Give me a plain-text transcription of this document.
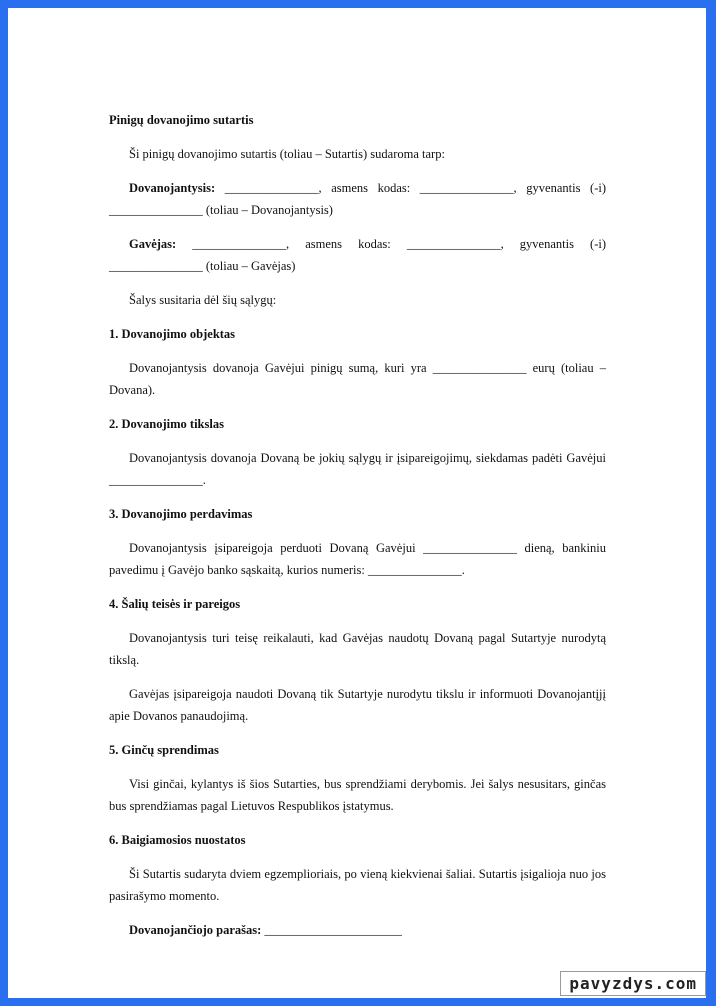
Pinigų dovanojimo sutartis
Ši pinigų dovanojimo sutartis (toliau – Sutartis) sudaroma tarp:
Dovanojantysis: _______________, asmens kodas: _______________, gyvenantis (-i) _______________ (toliau – Dovanojantysis)
Gavėjas: _______________, asmens kodas: _______________, gyvenantis (-i) _______________ (toliau – Gavėjas)
Šalys susitaria dėl šių sąlygų:
1. Dovanojimo objektas
Dovanojantysis dovanoja Gavėjui pinigų sumą, kuri yra _______________ eurų (toliau – Dovana).
2. Dovanojimo tikslas
Dovanojantysis dovanoja Dovaną be jokių sąlygų ir įsipareigojimų, siekdamas padėti Gavėjui _______________.
3. Dovanojimo perdavimas
Dovanojantysis įsipareigoja perduoti Dovaną Gavėjui _______________ dieną, bankiniu pavedimu į Gavėjo banko sąskaitą, kurios numeris: _______________.
4. Šalių teisės ir pareigos
Dovanojantysis turi teisę reikalauti, kad Gavėjas naudotų Dovaną pagal Sutartyje nurodytą tikslą.
Gavėjas įsipareigoja naudoti Dovaną tik Sutartyje nurodytu tikslu ir informuoti Dovanojantįjį apie Dovanos panaudojimą.
5. Ginčų sprendimas
Visi ginčai, kylantys iš šios Sutarties, bus sprendžiami derybomis. Jei šalys nesusitars, ginčas bus sprendžiamas pagal Lietuvos Respublikos įstatymus.
6. Baigiamosios nuostatos
Ši Sutartis sudaryta dviem egzemplioriais, po vieną kiekvienai šaliai. Sutartis įsigalioja nuo jos pasirašymo momento.
Dovanojančiojo parašas: ______________________
pavyzdys.com
